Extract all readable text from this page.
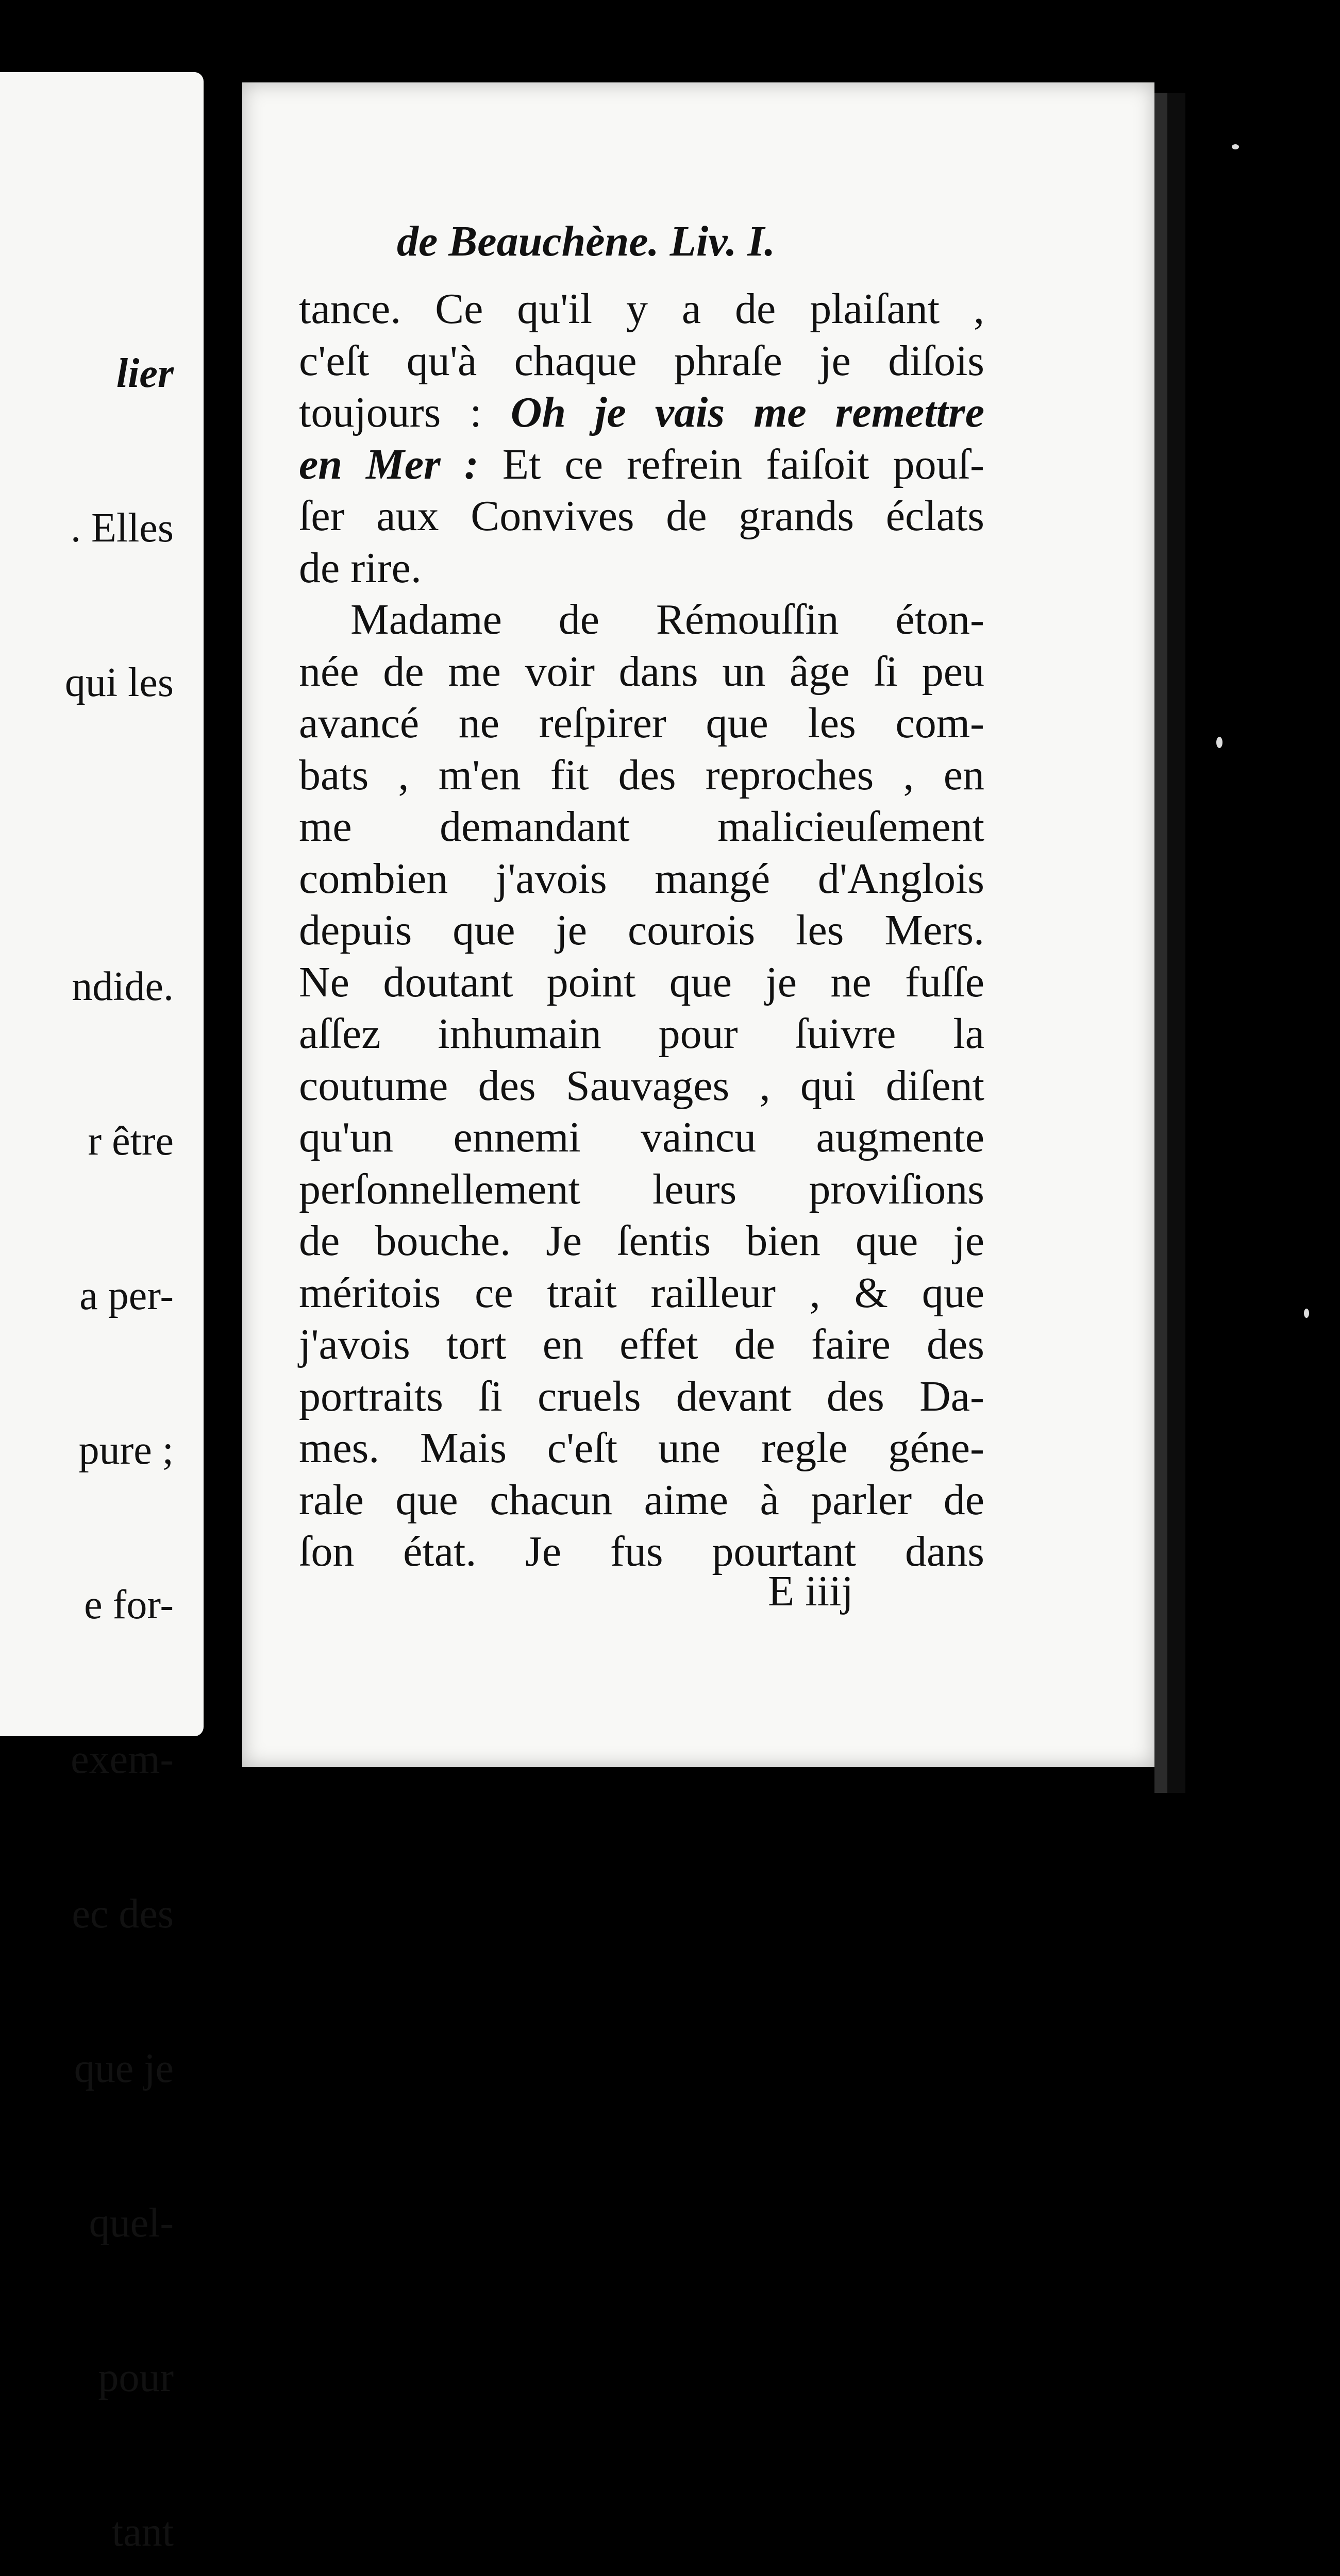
lier

. Elles

qui les

ndide.

r être

a per-

pure ;

e for-

exem-

ec des

que je

quel-

pour

tant

de Beauchène. Liv. I.
tance. Ce qu'il y a de plaiſant ,
c'eſt qu'à chaque phraſe je diſois
toujours : Oh je vais me remettre
en Mer : Et ce refrein faiſoit pouſ-
ſer aux Convives de grands éclats
de rire.
Madame de Rémouſſin éton-
née de me voir dans un âge ſi peu
avancé ne reſpirer que les com-
bats , m'en fit des reproches , en
me demandant malicieuſement
combien j'avois mangé d'Anglois
depuis que je courois les Mers.
Ne doutant point que je ne fuſſe
aſſez inhumain pour ſuivre la
coutume des Sauvages , qui diſent
qu'un ennemi vaincu augmente
perſonnellement leurs proviſions
de bouche. Je ſentis bien que je
méritois ce trait railleur , & que
j'avois tort en effet de faire des
portraits ſi cruels devant des Da-
mes. Mais c'eſt une regle géne-
rale que chacun aime à parler de
ſon état. Je fus pourtant dans
E iiij
